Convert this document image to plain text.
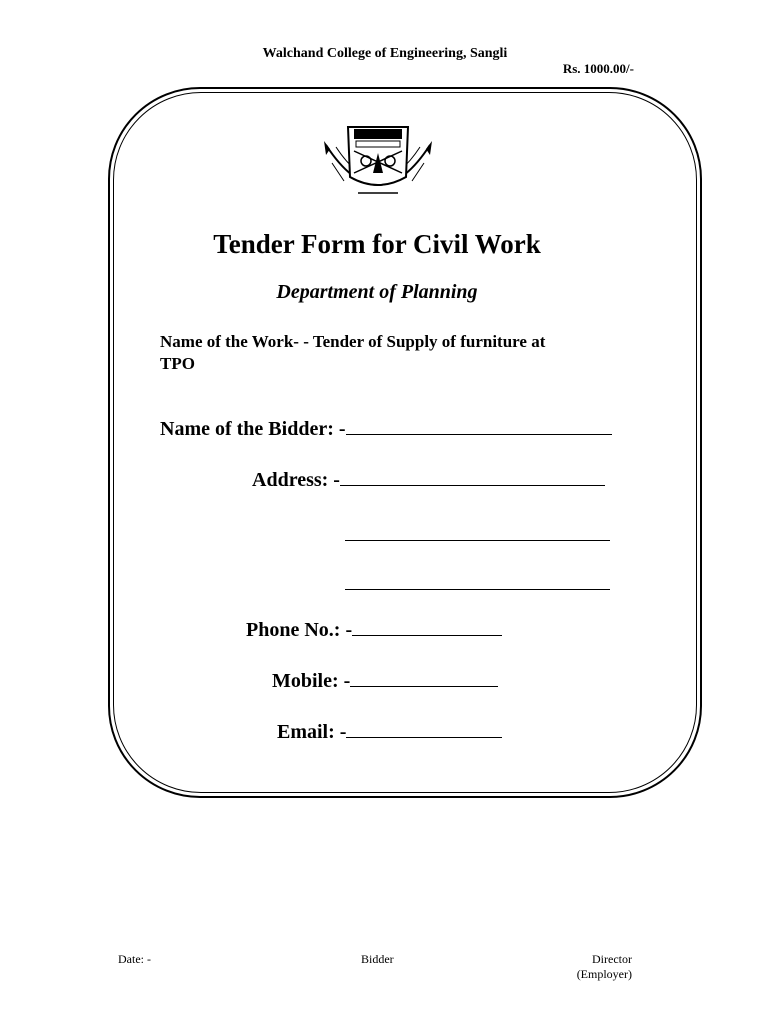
Walchand College of Engineering, Sangli
Rs. 1000.00/-
Tender Form for Civil Work
Department of Planning
Name of the Work- - Tender of Supply of furniture at
TPO
Name of the Bidder: -
Address: -
Phone No.: -
Mobile: -
Email: -
Date: -	Bidder	Director
(Employer)
